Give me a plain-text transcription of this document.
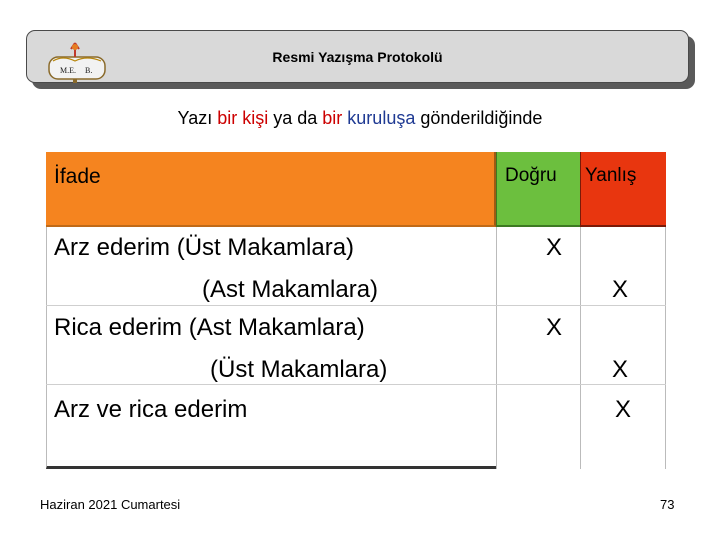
M.E. B.
Resmi Yazışma Protokolü
Yazı bir kişi ya da bir kuruluşa gönderildiğinde
İfade	Doğru Yanlış
Arz ederim (Üst Makamlara)
(Ast Makamlara)
Rica ederim (Ast Makamlara)
(Üst Makamlara)
Arz ve rica ederim
X
X
X
X
X
Haziran 2021 Cumartesi	73
